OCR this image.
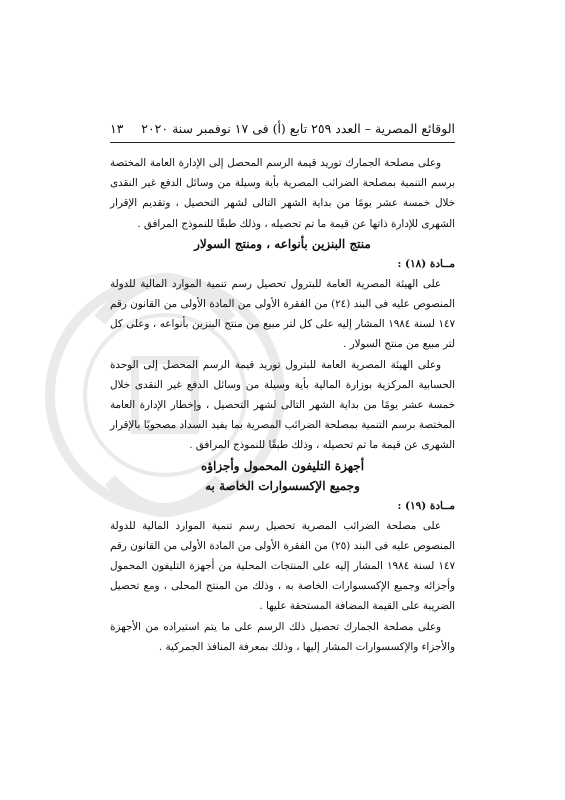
الوقائع المصرية – العدد ٢٥٩ تابع (أ) فى ١٧ نوفمبر سنة ٢٠٢٠
١٣

وعلى مصلحة الجمارك توريد قيمة الرسم المحصل إلى الإدارة العامة المختصة برسم التنمية بمصلحة الضرائب المصرية بأية وسيلة من وسائل الدفع غير النقدى خلال خمسة عشر يومًا من بداية الشهر التالى لشهر التحصيل ، وتقديم الإقرار الشهرى للإدارة ذاتها عن قيمة ما تم تحصيله ، وذلك طبقًا للنموذج المرافق .

منتج البنزين بأنواعه ، ومنتج السولار

مــادة (١٨) :

على الهيئة المصرية العامة للبترول تحصيل رسم تنمية الموارد المالية للدولة المنصوص عليه فى البند (٢٤) من الفقرة الأولى من المادة الأولى من القانون رقم ١٤٧ لسنة ١٩٨٤ المشار إليه على كل لتر مبيع من منتج البنزين بأنواعه ، وعلى كل لتر مبيع من منتج السولار .

وعلى الهيئة المصرية العامة للبترول توريد قيمة الرسم المحصل إلى الوحدة الحسابية المركزية بوزارة المالية بأية وسيلة من وسائل الدفع غير النقدى خلال خمسة عشر يومًا من بداية الشهر التالى لشهر التحصيل ، وإخطار الإدارة العامة المختصة برسم التنمية بمصلحة الضرائب المصرية بما يفيد السداد مصحوبًا بالإقرار الشهرى عن قيمة ما تم تحصيله ، وذلك طبقًا للنموذج المرافق .

أجهزة التليفون المحمول وأجزاؤه

وجميع الإكسسوارات الخاصة به

مــادة (١٩) :

على مصلحة الضرائب المصرية تحصيل رسم تنمية الموارد المالية للدولة المنصوص عليه فى البند (٢٥) من الفقرة الأولى من المادة الأولى من القانون رقم ١٤٧ لسنة ١٩٨٤ المشار إليه على المنتجات المحلية من أجهزة التليفون المحمول وأجزائه وجميع الإكسسوارات الخاصة به ، وذلك من المنتج المحلى ، ومع تحصيل الضريبة على القيمة المضافة المستحقة عليها .

وعلى مصلحة الجمارك تحصيل ذلك الرسم على ما يتم استيراده من الأجهزة والأجزاء والإكسسوارات المشار إليها ، وذلك بمعرفة المنافذ الجمركية .
